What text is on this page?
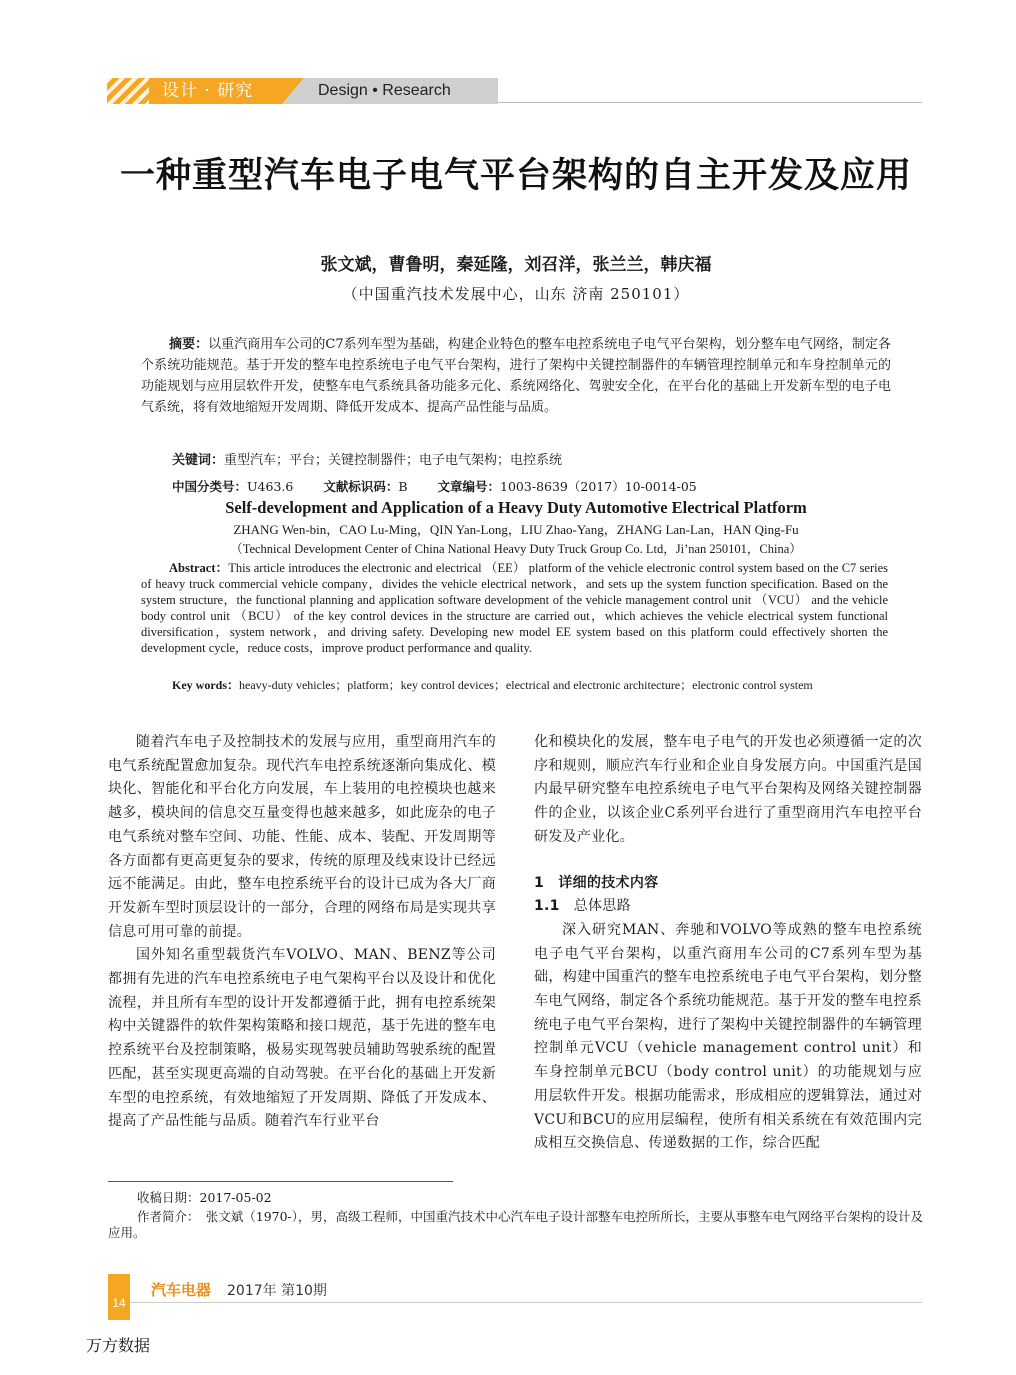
设计 · 研究	Design • Research
一种重型汽车电子电气平台架构的自主开发及应用
张文斌，曹鲁明，秦延隆，刘召洋，张兰兰，韩庆福
（中国重汽技术发展中心，山东 济南 250101）
摘要：以重汽商用车公司的C7系列车型为基础，构建企业特色的整车电控系统电子电气平台架构，划分整车电气网络，制定各个系统功能规范。基于开发的整车电控系统电子电气平台架构，进行了架构中关键控制器件的车辆管理控制单元和车身控制单元的功能规划与应用层软件开发，使整车电气系统具备功能多元化、系统网络化、驾驶安全化，在平台化的基础上开发新车型的电子电气系统，将有效地缩短开发周期、降低开发成本、提高产品性能与品质。
关键词：重型汽车；平台；关键控制器件；电子电气架构；电控系统
中国分类号：U463.6 文献标识码：B 文章编号：1003-8639（2017）10-0014-05
Self-development and Application of a Heavy Duty Automotive Electrical Platform
ZHANG Wen-bin，CAO Lu-Ming，QIN Yan-Long，LIU Zhao-Yang，ZHANG Lan-Lan，HAN Qing-Fu
（Technical Development Center of China National Heavy Duty Truck Group Co. Ltd，Ji’nan 250101，China）
Abstract：This article introduces the electronic and electrical （EE） platform of the vehicle electronic control system based on the C7 series of heavy truck commercial vehicle company，divides the vehicle electrical network，and sets up the system function specification. Based on the system structure，the functional planning and application software development of the vehicle management control unit （VCU） and the vehicle body control unit （BCU） of the key control devices in the structure are carried out，which achieves the vehicle electrical system functional diversification，system network，and driving safety. Developing new model EE system based on this platform could effectively shorten the development cycle，reduce costs，improve product performance and quality.
Key words：heavy-duty vehicles；platform；key control devices；electrical and electronic architecture；electronic control system

随着汽车电子及控制技术的发展与应用，重型商用汽车的电气系统配置愈加复杂。现代汽车电控系统逐渐向集成化、模块化、智能化和平台化方向发展，车上装用的电控模块也越来越多，模块间的信息交互量变得也越来越多，如此庞杂的电子电气系统对整车空间、功能、性能、成本、装配、开发周期等各方面都有更高更复杂的要求，传统的原理及线束设计已经远远不能满足。由此，整车电控系统平台的设计已成为各大厂商开发新车型时顶层设计的一部分，合理的网络布局是实现共享信息可用可靠的前提。

国外知名重型载货汽车VOLVO、MAN、BENZ等公司都拥有先进的汽车电控系统电子电气架构平台以及设计和优化流程，并且所有车型的设计开发都遵循于此，拥有电控系统架构中关键器件的软件架构策略和接口规范，基于先进的整车电控系统平台及控制策略，极易实现驾驶员辅助驾驶系统的配置匹配，甚至实现更高端的自动驾驶。在平台化的基础上开发新车型的电控系统，有效地缩短了开发周期、降低了开发成本、提高了产品性能与品质。随着汽车行业平台

化和模块化的发展，整车电子电气的开发也必须遵循一定的次序和规则，顺应汽车行业和企业自身发展方向。中国重汽是国内最早研究整车电控系统电子电气平台架构及网络关键控制器件的企业，以该企业C系列平台进行了重型商用汽车电控平台研发及产业化。

1　详细的技术内容
1.1 总体思路

深入研究MAN、奔驰和VOLVO等成熟的整车电控系统电子电气平台架构，以重汽商用车公司的C7系列车型为基础，构建中国重汽的整车电控系统电子电气平台架构，划分整车电气网络，制定各个系统功能规范。基于开发的整车电控系统电子电气平台架构，进行了架构中关键控制器件的车辆管理控制单元VCU（vehicle management control unit）和车身控制单元BCU（body control unit）的功能规划与应用层软件开发。根据功能需求，形成相应的逻辑算法，通过对VCU和BCU的应用层编程，使所有相关系统在有效范围内完成相互交换信息、传递数据的工作，综合匹配

收稿日期：2017-05-02
作者简介：　张文斌（1970-），男，高级工程师，中国重汽技术中心汽车电子设计部整车电控所所长，主要从事整车电气网络平台架构的设计及应用。
14
汽车电器 2017年 第10期
万方数据
